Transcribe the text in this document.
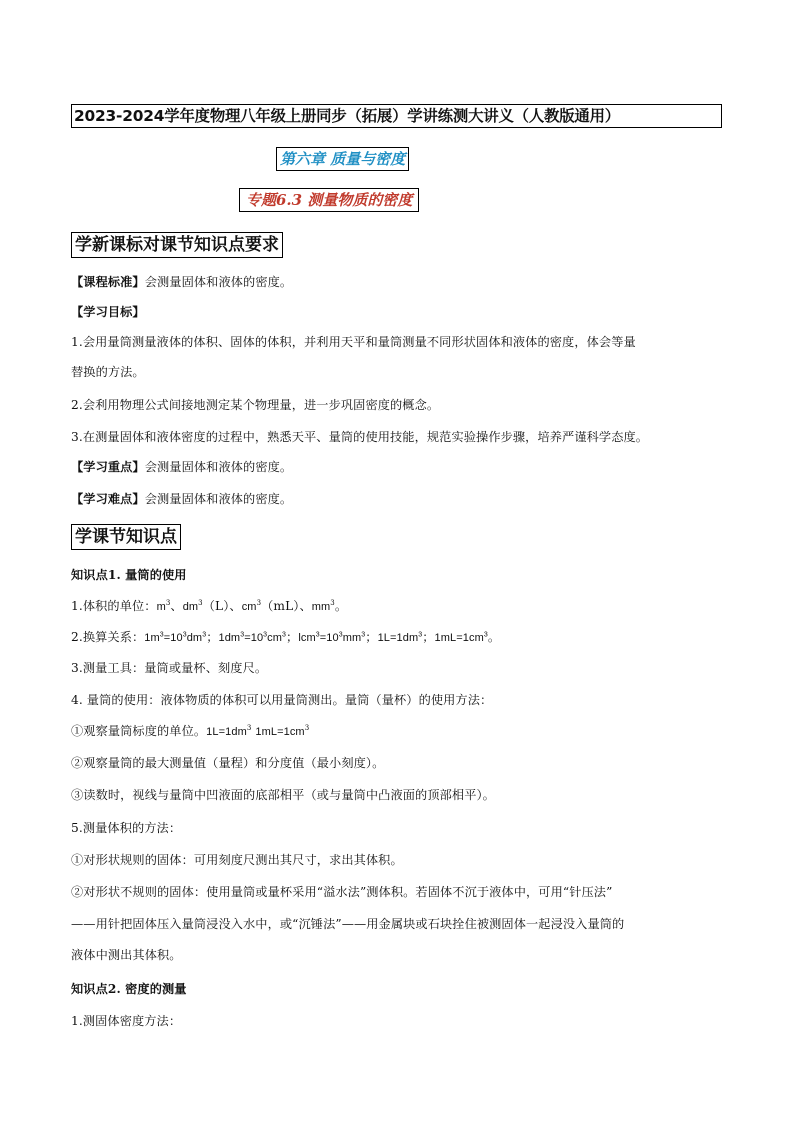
2023-2024学年度物理八年级上册同步（拓展）学讲练测大讲义（人教版通用）
第六章 质量与密度
专题6.3 测量物质的密度
学新课标对课节知识点要求
【课程标准】会测量固体和液体的密度。
【学习目标】
1.会用量筒测量液体的体积、固体的体积，并利用天平和量筒测量不同形状固体和液体的密度，体会等量
替换的方法。
2.会利用物理公式间接地测定某个物理量，进一步巩固密度的概念。
3.在测量固体和液体密度的过程中，熟悉天平、量筒的使用技能，规范实验操作步骤，培养严谨科学态度。
【学习重点】会测量固体和液体的密度。
【学习难点】会测量固体和液体的密度。
学课节知识点
知识点1. 量筒的使用
1.体积的单位：$m^3$、$dm^3(L)$、$cm^3(mL)$、$mm^3$。
2.换算关系：$1m^3=10^3dm^3$；$1dm^3=10^3cm^3$；$lcm^3=10^3mm^3$；$1L=1dm^3$；$1mL=1cm^3$。
3.测量工具：量筒或量杯、刻度尺。
4. 量筒的使用：液体物质的体积可以用量筒测出。量筒（量杯）的使用方法：
①观察量筒标度的单位。$1L=1dm^3$ $1mL=1cm^3$
②观察量筒的最大测量值（量程）和分度值（最小刻度）。
③读数时，视线与量筒中凹液面的底部相平（或与量筒中凸液面的顶部相平）。
5.测量体积的方法：
①对形状规则的固体：可用刻度尺测出其尺寸，求出其体积。
②对形状不规则的固体：使用量筒或量杯采用“溢水法”测体积。若固体不沉于液体中，可用“针压法”
——用针把固体压入量筒浸没入水中，或“沉锤法”——用金属块或石块拴住被测固体一起浸没入量筒的
液体中测出其体积。
知识点2. 密度的测量
1.测固体密度方法：
